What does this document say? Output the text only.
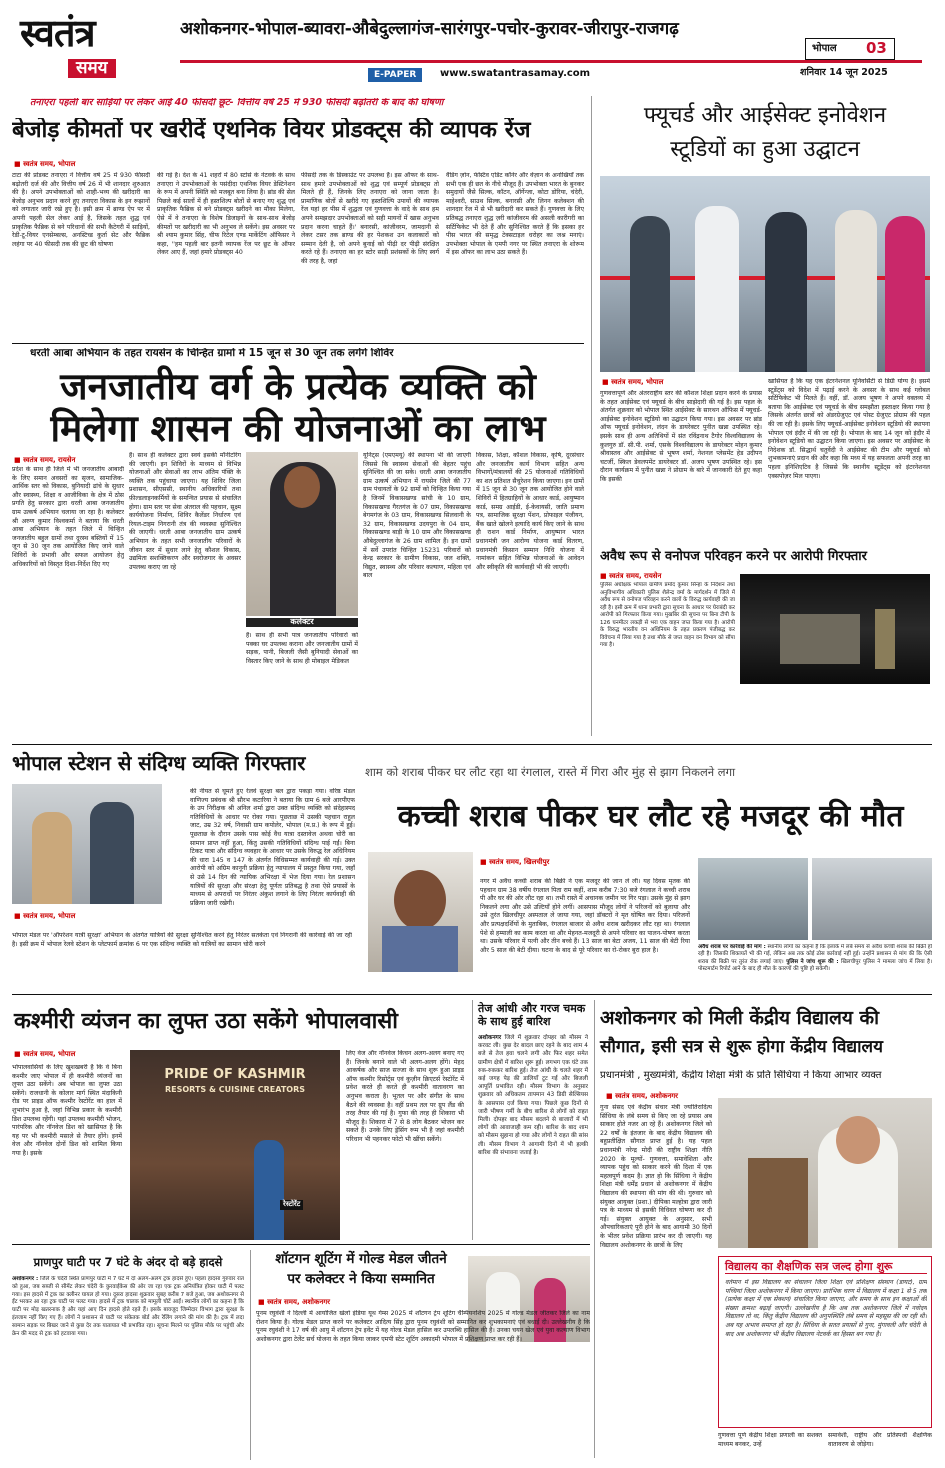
स्वतंत्र
समय
अशोकनगर-भोपाल-ब्यावरा-औबेदुल्लागंज-सारंगपुर-पचोर-कुरावर-जीरापुर-राजगढ़
E-PAPER	www.swatantrasamay.com
भोपाल 03
शनिवार 14 जून 2025
तनाएरा पहली बार साड़ियों पर लेकर आई 40 फीसदी छूट- वित्तीय वर्ष 25 में 930 फीसदी बढ़ोतरी के बाद की घोषणा
बेजोड़ कीमतों पर खरीदें एथनिक वियर प्रोडक्ट्स की व्यापक रेंज
■ स्वतंत्र समय, भोपाल
टाटा की प्रोडक्ट तनाएरा ने वित्तीय वर्ष 25 में 930 फीसदी बढ़ोतरी दर्ज की और वित्तीय वर्ष 26 में भी शानदार शुरुआत की है। अपने उपभोक्ताओं को शाही-भव्य की खरीदारी का बेजोड़ अनुभव प्रदान करने हुए तनाएरा विकास के इन रूझानों को लगातार जारी रखे हुए है। इसी क्रम में ब्राण्ड ऐप पर में अपनी पहली सेल लेकर आई है, जिसके तहत शुद्ध एवं प्राकृतिक फैब्रिक से बने परिधानों की सभी कैटेगरी में साड़ियों, रेडी-टू-वियर एनसेम्बल्स, अनस्टिच्ड कुर्ता सेट और फैब्रिक लहंगा पर 40 फीसदी तक की छूट की घोषणा
की गई है। देश के 41 शहरों में 80 स्टोर्स के नेटवर्क के साथ तनाएरा ने उपभोक्ताओं के पसंदीदा एथनिक वियर डेस्टिनेशन के रूप में अपनी स्थिति को मजबूत बना लिया है। ब्रांड की सेल पिछले कई सालों में ही हस्तशिल्प बोतों से बनाए गए शुद्ध एवं प्राकृतिक फैब्रिक से बने प्रोडक्ट्स खरीदने का मौका मिलेगा, ऐसे में वे तनाएरा के विशेष डिजाइनों के साथ-साथ बेजोड़ कीमतों पर खरीदारी का भी अनुभव ले सकेंगे। इस अवसर पर श्री श्याम कुमार सिंह, चीफ रिटेल एण्ड मार्केटिंग ऑफिसर ने कहा, ''हम पहली बार इतनी व्यापक रेंज पर छूट के ऑफर लेकर आए हैं, जहां हमारे प्रोडक्ट्स 40
फीसदी तक के डिस्काउंट पर उपलब्ध हैं। इस ऑफर के साथ-साथ हमारे उपभोक्ताओं को शुद्ध एवं सम्पूर्ण प्रोडक्ट्स तो मिलते ही हैं, जिनके लिए तनाएरा को जाना जाता है। प्रामाणिक बोतों से खरीदे गए हस्तशिल्पि उपायों की व्यापक रेंज यहां हर पीस में शुद्धता एवं गुणवत्ता के वादे के साथ हम अपने समझदार उपभोक्ताओं को सही मायनों में खास अनुभव प्रदान करना चाहते हैं।' बनारसी, कांजीवरम, जामदानी से लेकर टसर तक ब्राण्ड की हर पेशकश उन कलाकारों को सम्मान देती है, जो अपने बुनाई को पीढ़ी दर पीढ़ी संरक्षित करते रहे हैं। तनाएरा का हर स्टोर साड़ी प्रशंसकों के लिए स्वर्ग की तरह है, जहां
वैडिंग ज़ोन, फेस्टिव एडिट कॉर्नर और वेंज़ान के अनोखियाँ तक सभी एक ही छत के नीचे मौजूद हैं। उपभोक्ता भारत के बुनकर समुदायों जैसे सिल्क, कॉटन, ऑर्गेन्जा, कोटा डोरिया, चंदेरी, माहेश्वरी, साउथ सिल्क, बनारसी और लिनन कलेक्शन की शानदार रेंज में से भी खरीदारी कर सकते हैं। गुणवत्ता के लिए प्रतिबद्ध तनाएरा शुद्ध ज़री कांजीवरम की असली कारीगरी का सर्टिफिकेट भी देते हैं और सुनिश्चित करते हैं कि इसका हर पीस भारत की समृद्ध टेक्सटाइल धरोहर का जश्न मनाएं। उपभोक्ता भोपाल के एमपी नगर पर स्थित तनाएरा के शोरूम में इस ऑफर का लाभ उठा सकते हैं।
फ्यूचर्ड और आईसेक्ट इनोवेशन
स्टूडियों का हुआ उद्घाटन
■ स्वतंत्र समय, भोपाल
गुणवत्तापूर्ण और अंतरराष्ट्रीय स्तर की कौशल शिक्षा प्रदान करने के प्रयास के तहत आईसेक्ट एवं फ्यूचर्ड के बीच साझेदारी की गई है। इस पहल के अंतर्गत शुक्रवार को भोपाल स्थित आईसेक्ट के सारथन ऑफिस में फ्यूचर्ड-आईसेक्ट इनोवेशन स्टूडियो का उद्घाटन किया गया। इस अवसर पर ब्रांड ऑफ फ्यूचर्ड इनोवेशन, लंदन के डायरेक्टर पुनीत खन्ना उपस्थित रहे। इसके साथ ही अन्य अतिथियों में संत रविंद्रनाथ टैगोर विश्वविद्यालय के कुलगुरु डॉ. सी.पी. शर्मा, एसके विश्वविद्यालय के डायरेक्टर मोहन कुमार श्रीवास्तव और आईसेक्ट से भूषण शर्मा, नेशनल प्लेसमेंट हेड उदीपन चटर्जी, स्किल डेवलपमेंट डायरेक्टर डॉ. अजय भूषण उपस्थित रहे। इस दौरान कार्यक्रम में पुनीत खन्ना ने प्रोग्राम के बारे में जानकारी देते हुए कहा कि इसकी
खासियत है कि यह एक इंटरनेशनल यूनिवर्सिटी से डिग्री योग्य है। इसमें स्टूडेंट्स को विदेश में पढ़ाई करने के अवसर के साथ कई ग्लोबल सर्टिफिकेट भी मिलते हैं। वहीं, डॉ. अजय भूषण ने अपने वक्तव्य में बताया कि आईसेक्ट एवं फ्यूचर्ड के बीच समझौता हस्ताक्षर किया गया है जिसके अंतर्गत छात्रों को अंडरग्रेजुएट एवं पोस्ट ग्रेजुएट प्रोग्राम की पहल की जा रही है। इसके लिए फ्यूचर्ड-आईसेक्ट इनोवेशन स्टूडियो की स्थापना भोपाल एवं इंदौर में की जा रही है। भोपाल के बाद 14 जून को इंदौर में इनोवेशन स्टूडियो का उद्घाटन किया जाएगा। इस अवसर पर आईसेक्ट के निदेशक डॉ. सिद्धार्थ चतुर्वेदी ने आईसेक्ट की टीम और फ्यूचर्ड को शुभकामनाएं प्रदान की और कहा कि मध्य में यह सफलता अपनी तरह का पहला इनिशिएटिव है जिससे कि स्थानीय स्टूडेंट्स को इंटरनेशनल एक्सपोज़र मिल पाएगा।
अवैध रूप से वनोपज परिवहन करने पर आरोपी गिरफ्तार
■ स्वतंत्र समय, रायसेन
पुलिस अधीक्षक भोपाल ग्रामीण प्रमोद कुमार सिन्हा के निर्देशन तथा अनुविभागीय अधिकारी पुलिस शैलेन्द्र वर्मा के मार्गदर्शन में जिले में अवैध रूप से वनोपज परिवहन करने वालों के विरुद्ध कार्यवाही की जा रही है। इसी क्रम में थाना प्रभारी द्वारा सूचना के आधार पर घेराबंदी कर आरोपी को गिरफ्तार किया गया। मुखबिर की सूचना पर बिना टीपी के 126 घनमीटर लकड़ी से भरा एक वाहन जप्त किया गया है। आरोपी के विरुद्ध भारतीय वन अधिनियम के तहत प्रकरण पंजीबद्ध कर विवेचना में लिया गया है तथा मौके से जप्त वाहन वन विभाग को सौंपा गया है।
धरती आबा अभियान के तहत रायसेन के चिन्हित ग्रामों में 15 जून से 30 जून तक लगेंगे शिविर
जनजातीय वर्ग के प्रत्येक व्यक्ति को
मिलेगा शासन की योजनाओं का लाभ
■ स्वतंत्र समय, रायसेन
प्रदेश के साथ ही जिले में भी जनजातीय आबादी के लिए समान अवसरों का सृजन, सामाजिक-आर्थिक स्तर को विकास, बुनियादी ढांचे के सुधार और स्वास्थ्य, शिक्षा व आजीविका के क्षेत्र में ठोस प्रगति हेतु सरकार द्वारा धरती आबा जनजातीय ग्राम उत्कर्ष अभियान चलाया जा रहा है। कलेक्टर श्री अरुण कुमार विश्वकर्मा ने बताया कि धरती आबा अभियान के तहत जिले में चिन्हित जनजातीय बहुल ग्रामों तथा दूरस्थ बस्तियों में 15 जून से 30 जून तक आयोजित किए जाने वाले शिविरों के प्रभावी और सफल आयोजन हेतु अधिकारियों को विस्तृत दिशा-निर्देश दिए गए
हैं। साथ ही कलेक्टर द्वारा स्वयं इसकी मॉनीटरिंग की जाएगी। इन शिविरों के माध्यम से विभिन्न योजनाओं और सेवाओं का लाभ अंतिम पंक्ति के व्यक्ति तक पहुंचाया जाएगा। यह शिविर जिला प्रशासन, सीएससी, स्थानीय अधिकारियों तथा फ़ील्डलाइनकर्मियों के समन्वित प्रयास से संचालित होगा। ग्राम स्तर पर सेवा अंतराल की पहचान, सूक्ष्म कार्ययोजना निर्माण, शिविर कैलेंडर निर्धारण एवं रियल-टाइम निगरानी तंत्र की व्यवस्था सुनिश्चित की जाएगी। धरती आबा जनजातीय ग्राम उत्कर्ष अभियान के तहत सभी जनजातीय परिवारों के जीवन स्तर में सुधार लाने हेतु कौशल विकास, उद्यमिता सशक्तिकरण और स्वरोजगार के अवसर उपलब्ध कराए जा रहे
कलेक्टर
हैं। साथ ही सभी पात्र जनजातीय परिवारों को पक्का घर उपलब्ध कराना और जनजातीय ग्रामों में सड़क, पानी, बिजली जैसी बुनियादी सेवाओं का विस्तार किए जाने के साथ ही मोबाइल मेडिकल
यूनिट्स (एमएमयू) की स्थापना भी की जाएगी जिससे कि स्वास्थ्य सेवाओं की बेहतर पहुंच सुनिश्चित की जा सके। धरती आबा जनजातीय ग्राम उत्कर्ष अभियान में रायसेन जिले की 77 ग्राम पंचायतों के 92 ग्रामों को चिन्हित किया गया है जिनमें विकासखण्ड सांची के 10 ग्राम, विकासखण्ड गैरतगंज के 07 ग्राम, विकासखण्ड बेगमगंज के 03 ग्राम, विकासखण्ड सिलवानी के 32 ग्राम, विकासखण्ड उदयपुरा के 04 ग्राम, विकासखण्ड बाड़ी के 10 ग्राम और विकासखण्ड औबेदुल्लागंज के 26 ग्राम शामिल हैं। इन ग्रामों में सर्वे उपरांत चिन्हित 15231 परिवारों को केन्द्र सरकार के ग्रामीण विकास, जल शक्ति, विद्युत, स्वास्थ्य और परिवार कल्याण, महिला एवं बाल
विकास, शिक्षा, कौशल विकास, कृषि, दूरसंचार और जनजातीय कार्य विभाग सहित अन्य विभागों/मंत्रालयों की 25 योजनाओं गतिविधियों का शत प्रतिशत सैचुरेशन किया जाएगा। इन ग्रामों में 15 जून से 30 जून तक आयोजित होने वाले शिविरों में हितग्राहियों के आधार कार्ड, आयुष्मान कार्ड, समग्र आईडी, ई-केवायसी, जाति प्रमाण पत्र, सामाजिक सुरक्षा पेंशन, प्रोफाइल पंजीयन, बैंक खाते खोलने इत्यादि कार्य किए जाने के साथ ही राशन कार्ड निर्माण, आयुष्मान भारत प्रधानमंत्री जन आरोग्य योजना कार्ड वितरण, प्रधानमंत्री किसान सम्मान निधि योजना में नामांकन सहित विभिन्न योजनाओं के आवेदन और स्वीकृति की कार्यवाही भी की जाएगी।
भोपाल स्टेशन से संदिग्ध व्यक्ति गिरफ्तार
■ स्वतंत्र समय, भोपाल
भोपाल मंडल पर 'ऑपरेशन यात्री सुरक्षा' अभियान के अंतर्गत यात्रियों की सुरक्षा सुनिश्चित करने हेतु निरंतर सतर्कता एवं निगरानी की कार्रवाई की जा रही है। इसी क्रम में भोपाल रेलवे स्टेशन के प्लेटफार्म क्रमांक 6 पर एक संदिग्ध व्यक्ति को यात्रियों का सामान चोरी करने
की नीयत से घूमते हुए रेलवे सुरक्षा बल द्वारा पकड़ा गया। वरिष्ठ मंडल वाणिज्य प्रबंधक श्री सौरभ कटारिया ने बताया कि ग्राम 6 बजे आरपीएफ के उप निरीक्षक श्री अनिल शर्मा द्वारा उक्त संदिग्ध व्यक्ति को संदेहास्पद गतिविधियों के आधार पर रोका गया। पूछताछ में उसकी पहचान राहुल जाट, उम्र 32 वर्ष, निवासी ग्राम कपोलेर, भोपाल (म.प्र.) के रूप में हुई। पूछताछ के दौरान उसके पास कोई वैध यात्रा दस्तावेज अथवा चोरी का सामान प्राप्त नहीं हुआ, किंतु उसकी गतिविधियों संदिग्ध पाई गईं। बिना टिकट यात्रा और संदिग्ध व्यवहार के आधार पर उसके विरुद्ध रेल अधिनियम की धारा 145 व 147 के अंतर्गत विधिसम्मत कार्यवाही की गई। उक्त आरोपी को अग्रिम कानूनी प्रक्रिया हेतु न्यायालय में प्रस्तुत किया गया, जहाँ से उसे 14 दिन की न्यायिक अभिरक्षा में भेज दिया गया। रेल प्रशासन यात्रियों की सुरक्षा और संरक्षा हेतु पूर्णतः प्रतिबद्ध है तथा ऐसे प्रयासों के माध्यम से अपराधों पर निरंतर अंकुश लगाने के लिए निरंतर कार्यवाही की प्रक्रिया जारी रखेगी।
शाम को शराब पीकर घर लौट रहा था रंगलाल, रास्ते में गिरा और मुंह से झाग निकलने लगा
कच्ची शराब पीकर घर लौट रहे मजदूर की मौत
■ स्वतंत्र समय, खिलचीपुर
नगर में अवैध कच्ची शराब की बिक्री ने एक मजदूर की जान ले ली। यह दिवस मृतक की पहचान ग्राम 38 वर्षीय रंगलाल पिता राम कहीं, शाम करीब 7:30 बजे रंगलाल ने कच्ची शराब पी और घर की ओर लौट रहा था। तभी रास्ते में अचानक जमीन पर गिर पड़ा। उसके मुंह से झाग निकलने लगा और उसे उल्टियाँ होने लगीं। आसपास मौजूद लोगों ने परिजनों को बुलाया और उसे तुरंत खिलचीपुर अस्पताल ले जाया गया, जहां डॉक्टरों ने मृत घोषित कर दिया। परिजनों और प्रत्यक्षदर्शियों के मुताबिक, रंगलाल बाजार से अवैध शराब खरीदकर लौट रहा था। रंगलाल पेशे से हम्माली का काम करता था और मेहनत-मजदूरी से अपने परिवार का पालन-पोषण करता था। उसके परिवार में पत्नी और तीन बच्चे हैं। 13 साल का बेटा अजय, 11 साल की बेटी रिया और 5 साल की बेटी दीया। घटना के बाद से पूरे परिवार का रो-रोकर बुरा हाल है।	अवैध शराब पर कार्रवाई की मांग : स्थानीय लोगों का कहना है कि इलाके में लंबे समय से अवैध कच्ची शराब की बिक्री हो रही है। जिसकी शिकायतें भी की गईं, लेकिन अब तक कोई ठोस कार्रवाई नहीं हुई। उन्होंने प्रशासन से मांग की कि ऐसी शराब की बिक्री पर तुरंत रोक लगाई जाए। पुलिस ने जांच शुरू की : खिलचीपुर पुलिस ने मामला जांच में लिया है। पोस्टमार्टम रिपोर्ट आने के बाद ही मौत के कारणों की पुष्टि हो सकेगी।
कश्मीरी व्यंजन का लुफ्त उठा सकेंगे भोपालवासी
■ स्वतंत्र समय, भोपाल
भोपालवासियों के लिए खुशखबरी है कि वे बिना कश्मीर जाए भोपाल में ही कश्मीरी व्यंजनों का लुफ्त उठा सकेंगे। अब भोपाल का लुफ्त उठा सकेंगे। राजधानी के कोलार मार्ग स्थित मंदाकिनी रोड पर प्राइड ऑफ कश्मीर रेस्टोरेंट का हाल में शुभारंभ हुआ है, जहां विभिन्न प्रकार के कश्मीरी डिश उपलब्ध रहेंगी। यहां उपलब्ध कश्मीरी भोजन, पारंपरिक और नॉनवेज डिश को खासियत है कि यह पर भी कश्मीरी मसाले से तैयार होंगे। इनमें वेज और नॉनवेज दोनों डिश को शामिल किया गया है। इसके
PRIDE OF KASHMIR
RESORTS & CUISINE CREATORS
रेस्टोरेंट
लिए वेज और नॉनवेज किचन अलग-अलग बनाए गए हैं। जिनके बनाने वाले भी अलग-अलग होंगे। मेहद आकर्षक और साज सज्जा के साथ शुरू हुआ प्राइड ऑफ कश्मीर रिसोर्ट्स एवं कुज़ीन क्रिएटर्स रेस्टोरेंट में प्रवेश करते ही करते ही कश्मीरी वातावरण का अनुभव कराता है। भूतल पर और संगीत के साथ बैठने की व्यवस्था है। वहीं प्रथम तल पर ग्रुप लैंड की तरह तैयार की गई है। गुफा की तरह ही शिकारा भी मौजूद है। शिकारा में 7 से 8 लोग बैठकर भोजन कर सकते हैं। उनके लिए ड्रेसिंग रूम भी है जहां कश्मीरी परिधान भी पहनकर फोटो भी खींचा सकेंगे।
तेज आंधी और गरज चमक के साथ हुई बारिश
अशोकनगर जिले में शुक्रवार दोपहर को मौसम ने करवट ली। कुछ देर बादल छाए रहने के बाद शाम 4 बजे से तेज हवा चलने लगी और फिर शहर समेत ग्रामीण क्षेत्रों में बारिश शुरू हुई। लगभग एक घंटे तक रुक-रुककर बारिश हुई। तेज आंधी के चलते शहर में कई जगह पेड़ की डालियाँ टूट गईं और बिजली आपूर्ति प्रभावित रही। मौसम विभाग के अनुसार शुक्रवार को अधिकतम तापमान 43 डिग्री सेल्सियस के आसपास दर्ज किया गया। पिछले कुछ दिनों से जारी भीषण गर्मी के बीच बारिश से लोगों को राहत मिली। दोपहर बाद मौसम बदलने से बाजारों में भी लोगों की आवाजाही कम रही। बारिश के बाद शाम को मौसम सुहाना हो गया और लोगों ने राहत की सांस ली। मौसम विभाग ने आगामी दिनों में भी हल्की बारिश की संभावना जताई है।
अशोकनगर को मिली केंद्रीय विद्यालय की
सौगात, इसी सत्र से शुरू होगा केंद्रीय विद्यालय
प्रधानमंत्री , मुख्यमंत्री, केंद्रीय शिक्षा मंत्री के प्रति सिंधिया ने किया आभार व्यक्त
■ स्वतंत्र समय, अशोकनगर
गुना संसद एवं केंद्रीय संचार मंत्री ज्योतिरादित्य सिंधिया के लंबे समय से किए जा रहे प्रयास अब साकार होते नजर आ रहे हैं। अशोकनगर जिले को 22 वर्षों के इंतजार के बाद केंद्रीय विद्यालय की बहुप्रतीक्षित सौगात प्राप्त हुई है। यह पहल प्रधानमंत्री नरेन्द्र मोदी की राष्ट्रीय शिक्षा नीति 2020 के मूल्यों- गुणवत्ता, समावेशिता और व्यापक पहुंच को साकार करने की दिशा में एक महत्वपूर्ण कदम है। ज्ञात हो कि सिंधिया ने केंद्रीय शिक्षा मंत्री धर्मेंद्र प्रधान से अशोकनगर में केंद्रीय विद्यालय की स्थापना की मांग की थी। गुरुवार को संयुक्त आयुक्त (प्रशा.) दीपिका मल्होत्रा द्वारा जारी पत्र के माध्यम से इसकी विधिवत घोषणा कर दी गई। संयुक्त आयुक्त के अनुसार, सभी औपचारिकताएं पूरी होने के बाद आगामी 30 दिनों के भीतर प्रवेश प्रक्रिया प्रारंभ कर दी जाएगी। यह विद्यालय अशोकनगर के छात्रों के लिए
विद्यालय का शैक्षणिक सत्र जल्द होगा शुरू
वर्तमान में इस विद्यालय का संचालन जिला शिक्षा एवं प्रशिक्षण संस्थान (डायट), ग्राम पच्चियां जिला अशोकनगर में किया जाएगा। प्रारंभिक चरण में विद्यालय में कक्षा 1 से 5 तक (प्रत्येक कक्षा में एक सेक्शन) संचालित किया जाएगा, और समय के साथ इन कक्षाओं की संख्या क्रमशः बढ़ाई जाएगी। उल्लेखनीय है कि अब तक अशोकनगर जिले में नवोदय विद्यालय तो था, किंतु केंद्रीय विद्यालय की अनुपस्थिति लंबे समय से महसूस की जा रही थी। अब यह अभाव समाप्त हो रहा है। सिंधिया के सतत प्रयासों से गुना, मुंगावली और चंदेरी के बाद अब अशोकनगर भी केंद्रीय विद्यालय नेटवर्क का हिस्सा बन गया है।
गुणवत्ता पूर्ण केंद्रीय शिक्षा प्रणाली का सशक्त माध्यम बनकर, उन्हें
समावेशी, राष्ट्रीय और प्रतिस्पर्धी शैक्षणिक वातावरण से जोड़ेगा।
प्राणपुर घाटी पर 7 घंटे के अंदर दो बड़े हादसे
अशोकनगर : जिले के चंदेरी स्थित प्राणपुर घाटी में 7 घंटे में दो अलग-अलग ट्रक हादसे हुए। पहला हादसा गुरुवार रात को हुआ, जब सब्जी से सीमेंट लेकर चंदेरी के कुरवाईकेस की ओर जा रहा एक ट्रक अनियंत्रित होकर घाटी में पलट गया। इस हादसे में ट्रक का क्लीनर घायल हो गया। दूसरा हादसा शुक्रवार सुबह करीब 7 बजे हुआ, जब अशोकनगर से ईंट भरकर आ रहा ट्रक घाटी पर पलट गया। हादसे में ट्रक चालक को मामूली चोटें आईं। स्थानीय लोगों का कहना है कि घाटी पर मोड़ खतरनाक है और यहां आए दिन हादसे होते रहते हैं। इसके बावजूद जिम्मेदार विभाग द्वारा सुरक्षा के इंतजाम नहीं किए गए हैं। लोगों ने प्रशासन से घाटी पर संकेतक बोर्ड और रेलिंग लगाने की मांग की है। ट्रक में लदा सामान सड़क पर बिखर जाने से कुछ देर तक यातायात भी प्रभावित रहा। सूचना मिलने पर पुलिस मौके पर पहुंची और क्रेन की मदद से ट्रक को हटवाया गया।
शॉटगन शूटिंग में गोल्ड मेडल जीतने
पर कलेक्टर ने किया सम्मानित
■ स्वतंत्र समय, अशोकनगर
पूनम रघुवंशी ने दिल्ली में आयोजित खेलो इंडिया यूथ गेम्स 2025 में शॉटगन ट्रेप शूटिंग चैम्पियनशिप 2025 में गोल्ड मेडल जीतकर जिले का नाम रोशन किया है। गोल्ड मेडल प्राप्त करने पर कलेक्टर आदित्य सिंह द्वारा पूनम रघुवंशी को सम्मानित कर शुभकामनाएं एवं बधाई दी। उल्लेखनीय है कि पूनम रघुवंशी ने 17 वर्ष की आयु में शॉटगन ट्रेप इवेंट में यह गोल्ड मेडल हासिल कर उपलब्धि हासिल की है। उनका चयन खेल एवं युवा कल्याण विभाग अशोकनगर द्वारा टेलेंट सर्च योजना के तहत किया जाकर एमपी स्टेट शूटिंग अकादमी भोपाल में प्रशिक्षण प्राप्त कर रही हैं।
